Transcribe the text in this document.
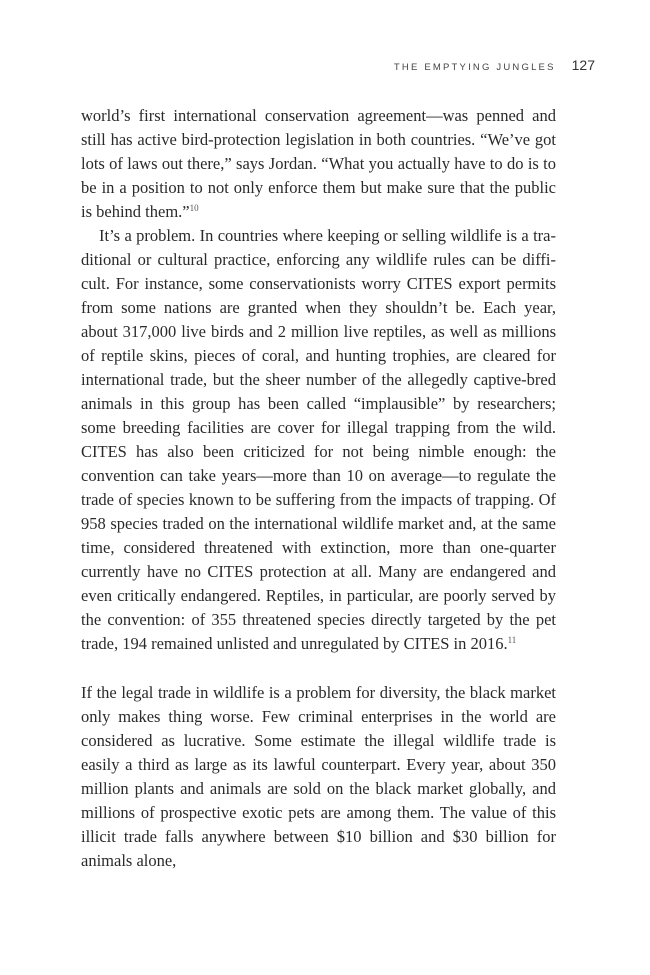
THE EMPTYING JUNGLES 127

world’s first international conservation agreement—was penned and still has active bird-protection legislation in both countries. “We’ve got lots of laws out there,” says Jordan. “What you actually have to do is to be in a position to not only enforce them but make sure that the public is behind them.”$^{10}$

It’s a problem. In countries where keeping or selling wildlife is a traditional or cultural practice, enforcing any wildlife rules can be difficult. For instance, some conservationists worry CITES export permits from some nations are granted when they shouldn’t be. Each year, about 317,000 live birds and 2 million live reptiles, as well as millions of reptile skins, pieces of coral, and hunting trophies, are cleared for international trade, but the sheer number of the allegedly captive-bred animals in this group has been called “implausible” by researchers; some breeding facilities are cover for illegal trapping from the wild. CITES has also been criticized for not being nimble enough: the convention can take years—more than 10 on average—to regulate the trade of species known to be suffering from the impacts of trapping. Of 958 species traded on the international wildlife market and, at the same time, considered threatened with extinction, more than one-quarter currently have no CITES protection at all. Many are endangered and even critically endangered. Reptiles, in particular, are poorly served by the convention: of 355 threatened species directly targeted by the pet trade, 194 remained unlisted and unregulated by CITES in 2016.11

If the legal trade in wildlife is a problem for diversity, the black market only makes thing worse. Few criminal enterprises in the world are considered as lucrative. Some estimate the illegal wildlife trade is easily a third as large as its lawful counterpart. Every year, about 350 million plants and animals are sold on the black market globally, and millions of prospective exotic pets are among them. The value of this illicit trade falls anywhere between $10 billion and $30 billion for animals alone,
